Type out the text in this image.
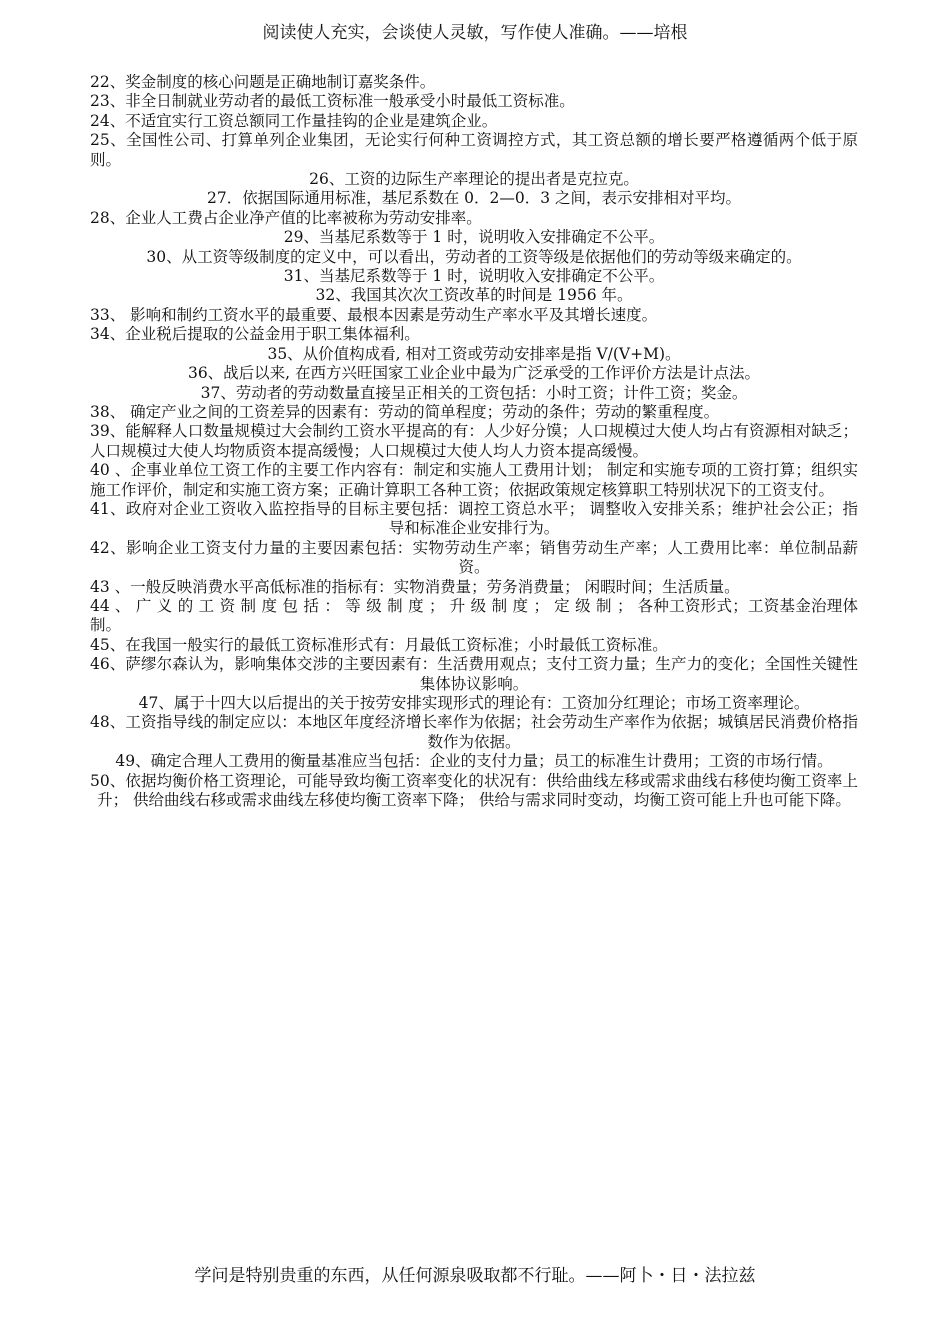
阅读使人充实，会谈使人灵敏，写作使人准确。——培根

22、奖金制度的核心问题是正确地制订嘉奖条件。

23、非全日制就业劳动者的最低工资标准一般承受小时最低工资标准。

24、不适宜实行工资总额同工作量挂钩的企业是建筑企业。

25、全国性公司、打算单列企业集团，无论实行何种工资调控方式，其工资总额的增长要严格遵循两个低于原则。

26、工资的边际生产率理论的提出者是克拉克。

27．依据国际通用标准，基尼系数在 0．2—0．3 之间，表示安排相对平均。

28、企业人工费占企业净产值的比率被称为劳动安排率。

29、当基尼系数等于 1 时，说明收入安排确定不公平。

30、从工资等级制度的定义中，可以看出，劳动者的工资等级是依据他们的劳动等级来确定的。

31、当基尼系数等于 1 时，说明收入安排确定不公平。

32、我国其次次工资改革的时间是 1956 年。

33、 影响和制约工资水平的最重要、最根本因素是劳动生产率水平及其增长速度。

34、企业税后提取的公益金用于职工集体福利。

35、从价值构成看, 相对工资或劳动安排率是指 V/(V+M)。

36、战后以来, 在西方兴旺国家工业企业中最为广泛承受的工作评价方法是计点法。

37、劳动者的劳动数量直接呈正相关的工资包括：小时工资；计件工资；奖金。

38、 确定产业之间的工资差异的因素有：劳动的简单程度；劳动的条件；劳动的繁重程度。

39、能解释人口数量规模过大会制约工资水平提高的有：人少好分馍；人口规模过大使人均占有资源相对缺乏；人口规模过大使人均物质资本提高缓慢；人口规模过大使人均人力资本提高缓慢。

40 、企事业单位工资工作的主要工作内容有：制定和实施人工费用计划； 制定和实施专项的工资打算；组织实施工作评价，制定和实施工资方案；正确计算职工各种工资；依据政策规定核算职工特别状况下的工资支付。

41、政府对企业工资收入监控指导的目标主要包括：调控工资总水平； 调整收入安排关系；维护社会公正；指导和标准企业安排行为。

42、影响企业工资支付力量的主要因素包括：实物劳动生产率；销售劳动生产率；人工费用比率：单位制品薪资。

43 、一般反映消费水平高低标准的指标有：实物消费量；劳务消费量； 闲暇时间；生活质量。

44 、 广 义 的 工 资 制 度 包 括 ： 等 级 制 度 ； 升 级 制 度 ； 定 级 制 ； 各种工资形式；工资基金治理体制。

45、在我国一般实行的最低工资标准形式有：月最低工资标准；小时最低工资标准。

46、萨缪尔森认为，影响集体交涉的主要因素有：生活费用观点；支付工资力量；生产力的变化；全国性关键性集体协议影响。

47、属于十四大以后提出的关于按劳安排实现形式的理论有：工资加分红理论；市场工资率理论。

48、工资指导线的制定应以：本地区年度经济增长率作为依据；社会劳动生产率作为依据；城镇居民消费价格指数作为依据。

49、确定合理人工费用的衡量基准应当包括：企业的支付力量；员工的标准生计费用；工资的市场行情。

50、依据均衡价格工资理论，可能导致均衡工资率变化的状况有：供给曲线左移或需求曲线右移使均衡工资率上升； 供给曲线右移或需求曲线左移使均衡工资率下降； 供给与需求同时变动，均衡工资可能上升也可能下降。

学问是特别贵重的东西，从任何源泉吸取都不行耻。——阿卜・日・法拉兹
